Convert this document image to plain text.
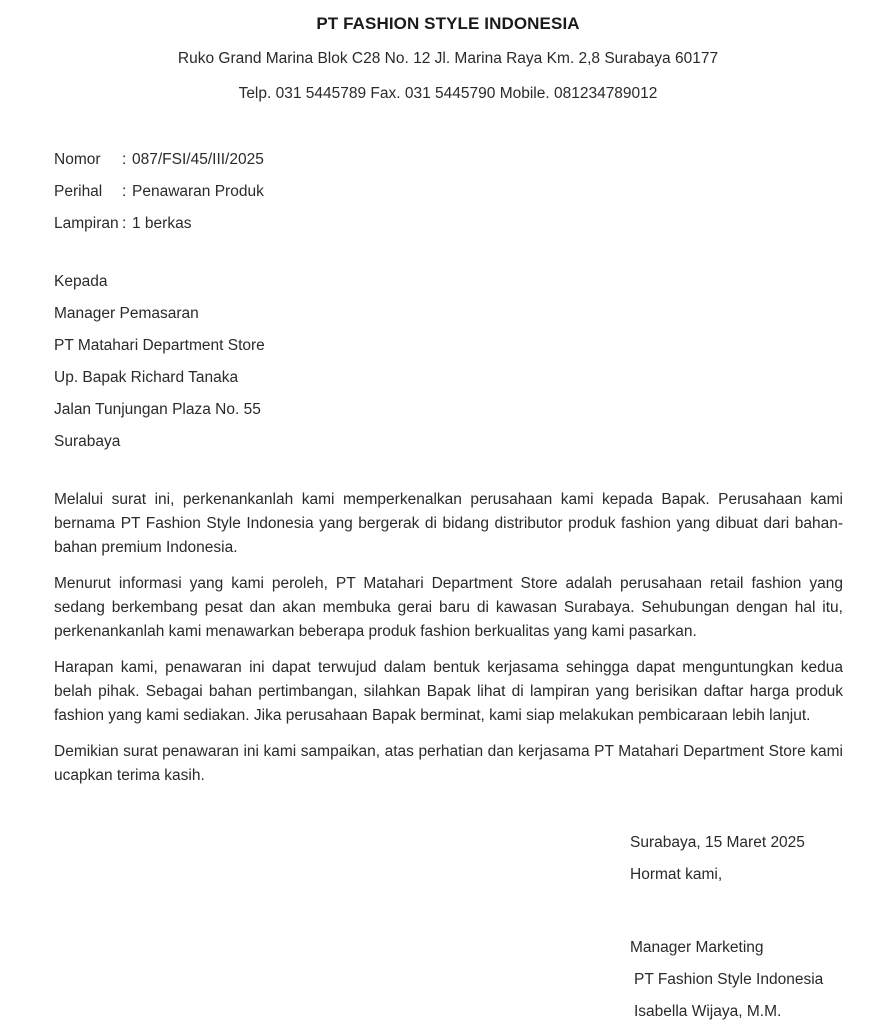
PT FASHION STYLE INDONESIA
Ruko Grand Marina Blok C28 No. 12 Jl. Marina Raya Km. 2,8 Surabaya 60177
Telp. 031 5445789 Fax. 031 5445790 Mobile. 081234789012
Nomor	: 087/FSI/45/III/2025
Perihal	: Penawaran Produk
Lampiran : 1 berkas
Kepada
Manager Pemasaran
PT Matahari Department Store
Up. Bapak Richard Tanaka
Jalan Tunjungan Plaza No. 55
Surabaya

Melalui surat ini, perkenankanlah kami memperkenalkan perusahaan kami kepada Bapak. Perusahaan kami bernama PT Fashion Style Indonesia yang bergerak di bidang distributor produk fashion yang dibuat dari bahan-bahan premium Indonesia.

Menurut informasi yang kami peroleh, PT Matahari Department Store adalah perusahaan retail fashion yang sedang berkembang pesat dan akan membuka gerai baru di kawasan Surabaya. Sehubungan dengan hal itu, perkenankanlah kami menawarkan beberapa produk fashion berkualitas yang kami pasarkan.

Harapan kami, penawaran ini dapat terwujud dalam bentuk kerjasama sehingga dapat menguntungkan kedua belah pihak. Sebagai bahan pertimbangan, silahkan Bapak lihat di lampiran yang berisikan daftar harga produk fashion yang kami sediakan. Jika perusahaan Bapak berminat, kami siap melakukan pembicaraan lebih lanjut.

Demikian surat penawaran ini kami sampaikan, atas perhatian dan kerjasama PT Matahari Department Store kami ucapkan terima kasih.

Surabaya, 15 Maret 2025
Hormat kami,
Manager Marketing
PT Fashion Style Indonesia
Isabella Wijaya, M.M.
